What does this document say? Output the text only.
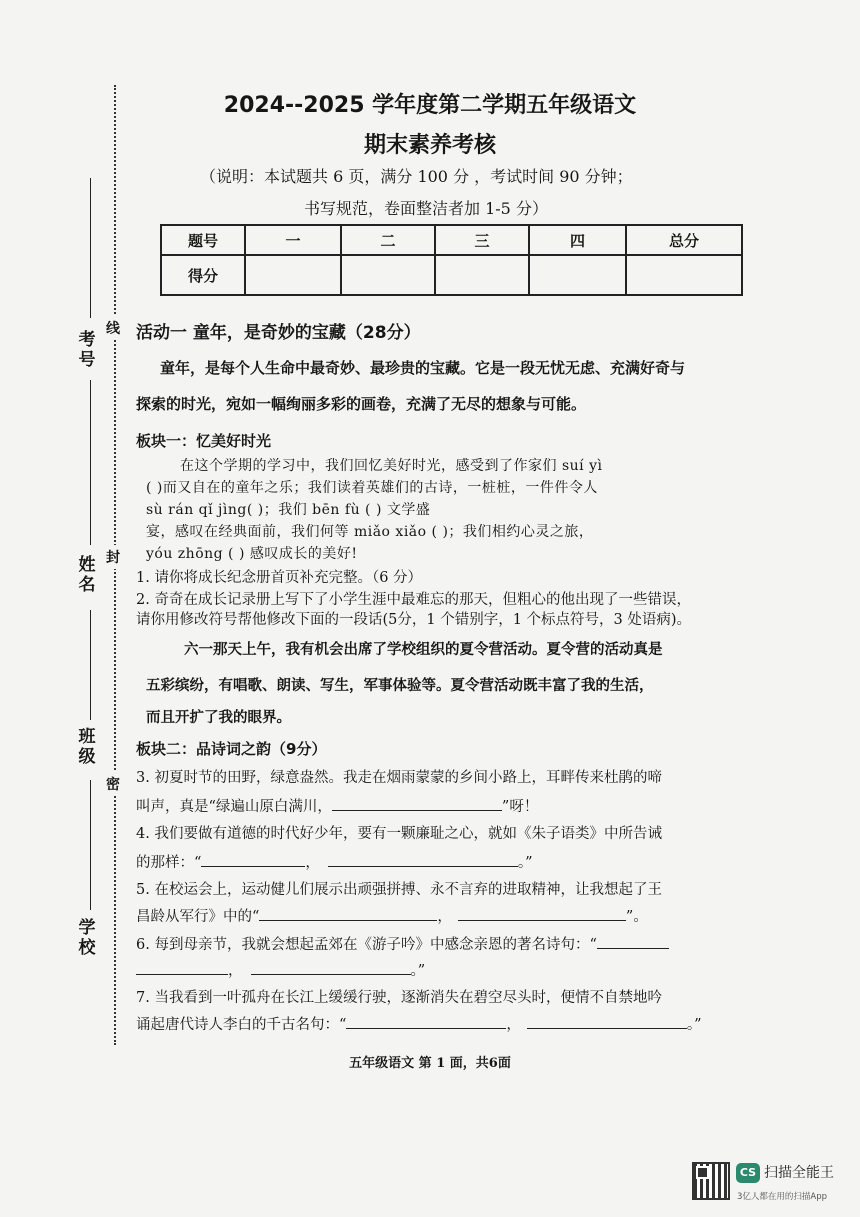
考号
姓名
班级
学校
线
封
密
2024--2025 学年度第二学期五年级语文
期末素养考核
（说明：本试题共 6 页，满分 100 分 ，考试时间 90 分钟；
书写规范，卷面整洁者加 1-5 分）
题号	一	二	三	四	总分
得分					
活动一 童年，是奇妙的宝藏（28分）
童年，是每个人生命中最奇妙、最珍贵的宝藏。它是一段无忧无虑、充满好奇与
探索的时光，宛如一幅绚丽多彩的画卷，充满了无尽的想象与可能。
板块一：忆美好时光
在这个学期的学习中，我们回忆美好时光，感受到了作家们 suí yì
( )而又自在的童年之乐；我们读着英雄们的古诗，一桩桩，一件件令人
sù rán qǐ jìng( )；我们 bēn fù ( ) 文学盛
宴，感叹在经典面前，我们何等 miǎo xiǎo ( )；我们相约心灵之旅，
yóu zhōng ( ) 感叹成长的美好!
1. 请你将成长纪念册首页补充完整。（6 分）
2. 奇奇在成长记录册上写下了小学生涯中最难忘的那天，但粗心的他出现了一些错误，
请你用修改符号帮他修改下面的一段话(5分，1 个错别字，1 个标点符号，3 处语病)。
六一那天上午，我有机会出席了学校组织的夏令营活动。夏令营的活动真是
五彩缤纷，有唱歌、朗读、写生，军事体验等。夏令营活动既丰富了我的生活，
而且开扩了我的眼界。
板块二：品诗词之韵（9分）
3. 初夏时节的田野，绿意盎然。我走在烟雨蒙蒙的乡间小路上，耳畔传来杜鹃的啼
叫声，真是“绿遍山原白满川，	”呀！
4. 我们要做有道德的时代好少年，要有一颗廉耻之心，就如《朱子语类》中所告诫
的那样：“	，	。”
5. 在校运会上，运动健儿们展示出顽强拼搏、永不言弃的进取精神，让我想起了王
昌龄从军行》中的“	，	”。
6. 每到母亲节，我就会想起孟郊在《游子吟》中感念亲恩的著名诗句：“
，	。”
7. 当我看到一叶孤舟在长江上缓缓行驶，逐渐消失在碧空尽头时，便情不自禁地吟
诵起唐代诗人李白的千古名句：“	，	。”
五年级语文 第 1 面，共6面
CS 扫描全能王
3亿人都在用的扫描App
